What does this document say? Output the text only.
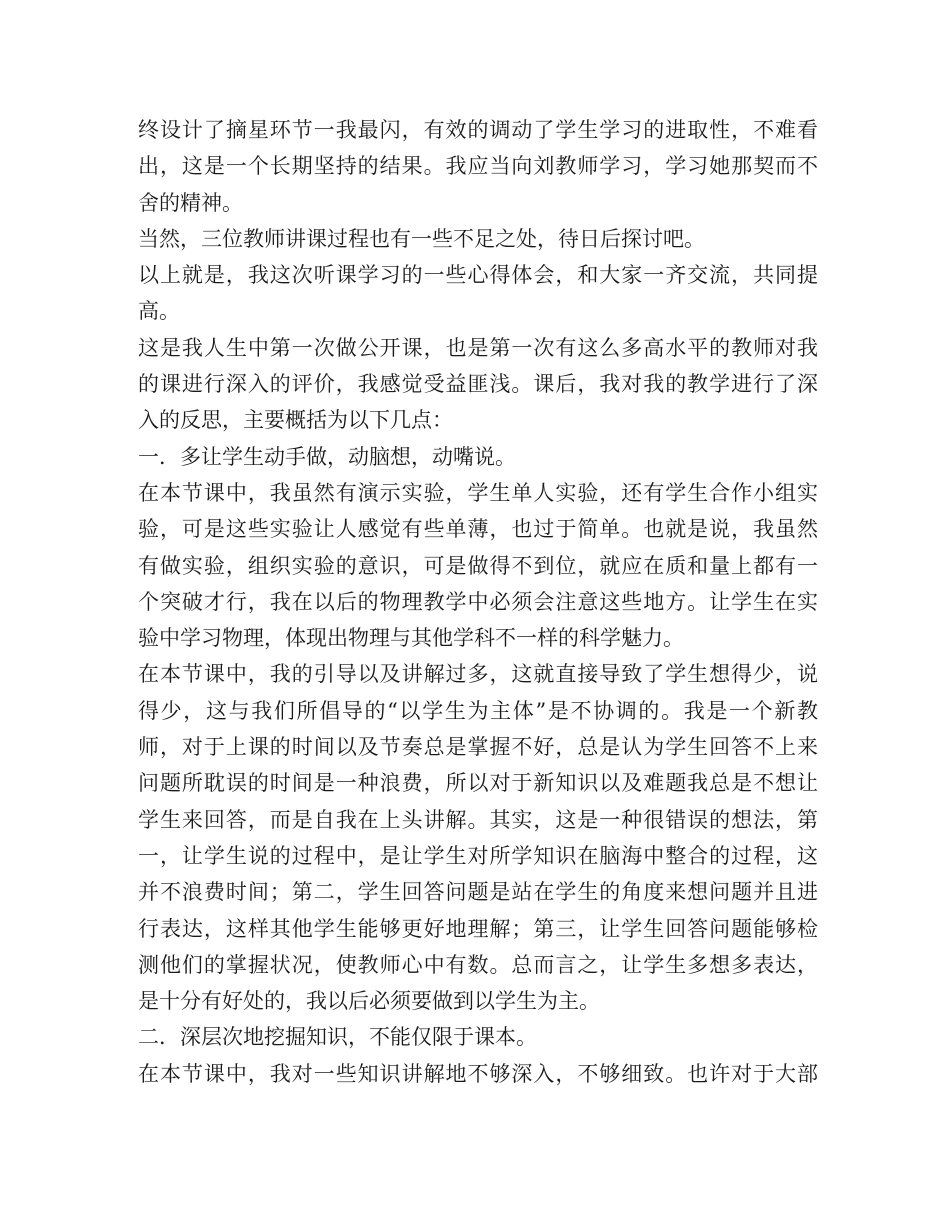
终设计了摘星环节一我最闪，有效的调动了学生学习的进取性，不难看
出，这是一个长期坚持的结果。我应当向刘教师学习，学习她那契而不
舍的精神。
当然，三位教师讲课过程也有一些不足之处，待日后探讨吧。
以上就是，我这次听课学习的一些心得体会，和大家一齐交流，共同提
高。
这是我人生中第一次做公开课，也是第一次有这么多高水平的教师对我
的课进行深入的评价，我感觉受益匪浅。课后，我对我的教学进行了深
入的反思，主要概括为以下几点：
一．多让学生动手做，动脑想，动嘴说。
在本节课中，我虽然有演示实验，学生单人实验，还有学生合作小组实
验，可是这些实验让人感觉有些单薄，也过于简单。也就是说，我虽然
有做实验，组织实验的意识，可是做得不到位，就应在质和量上都有一
个突破才行，我在以后的物理教学中必须会注意这些地方。让学生在实
验中学习物理，体现出物理与其他学科不一样的科学魅力。
在本节课中，我的引导以及讲解过多，这就直接导致了学生想得少，说
得少，这与我们所倡导的“以学生为主体”是不协调的。我是一个新教
师，对于上课的时间以及节奏总是掌握不好，总是认为学生回答不上来
问题所耽误的时间是一种浪费，所以对于新知识以及难题我总是不想让
学生来回答，而是自我在上头讲解。其实，这是一种很错误的想法，第
一，让学生说的过程中，是让学生对所学知识在脑海中整合的过程，这
并不浪费时间；第二，学生回答问题是站在学生的角度来想问题并且进
行表达，这样其他学生能够更好地理解；第三，让学生回答问题能够检
测他们的掌握状况，使教师心中有数。总而言之，让学生多想多表达，
是十分有好处的，我以后必须要做到以学生为主。
二．深层次地挖掘知识，不能仅限于课本。
在本节课中，我对一些知识讲解地不够深入，不够细致。也许对于大部
